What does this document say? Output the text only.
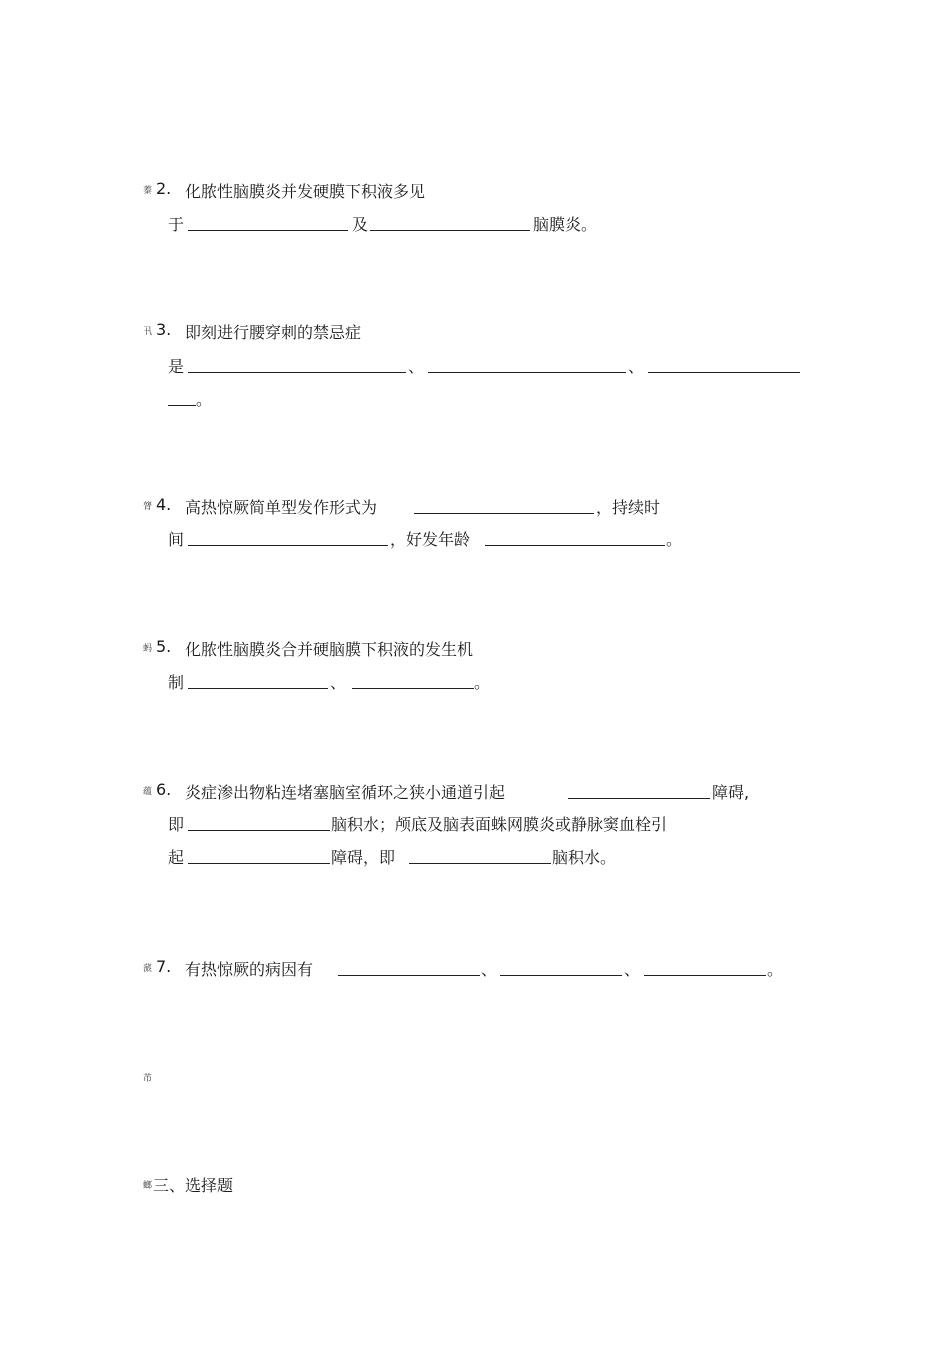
蓁 2. 化脓性脑膜炎并发硬膜下积液多见
于	及	脑膜炎。
卂 3. 即刻进行腰穿刺的禁忌症
是	、	、
。
膂 4. 高热惊厥简单型发作形式为	，持续时
间	，好发年龄	。
蚂 5. 化脓性脑膜炎合并硬脑膜下积液的发生机
制	、	。
蕴 6. 炎症渗出物粘连堵塞脑室循环之狭小通道引起	障碍,
即	脑积水；颅底及脑表面蛛网膜炎或静脉窦血栓引
起	障碍，即	脑积水。
蒎 7. 有热惊厥的病因有	、	、	。
芇
螂 三、选择题
